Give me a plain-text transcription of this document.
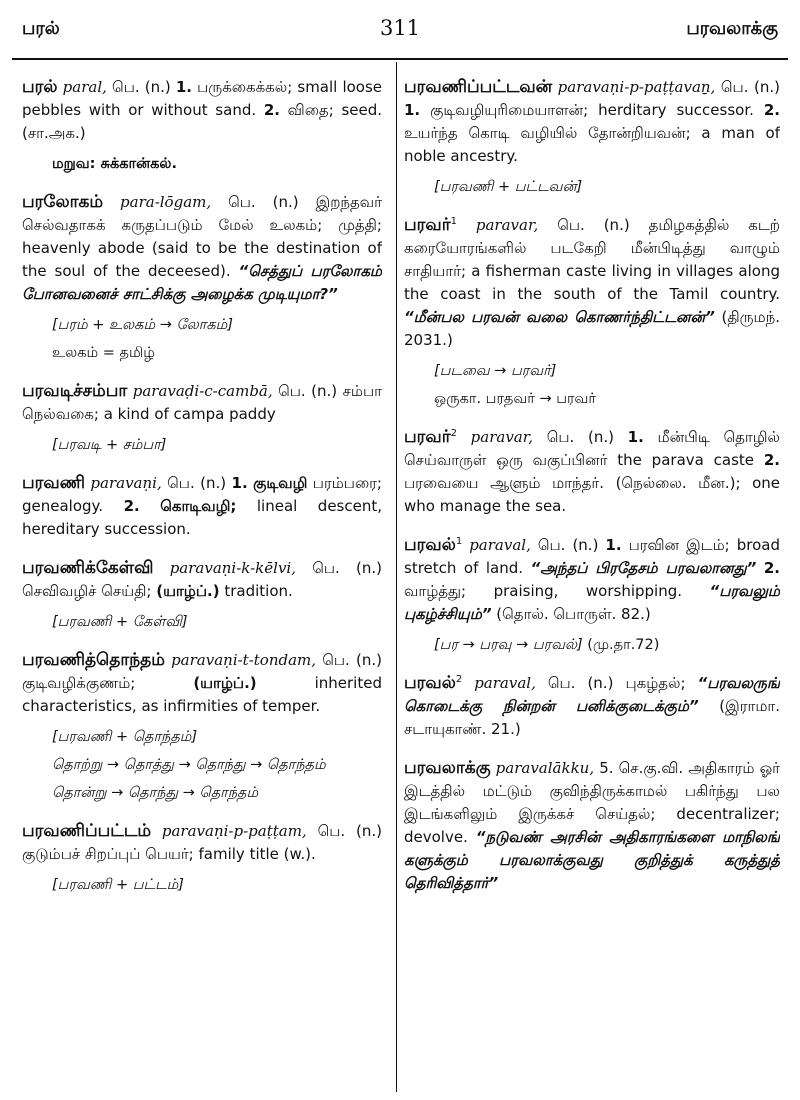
பரல்	311	பரவலாக்கு
பரல் paral, பெ. (n.) 1. பருக்கைக்கல்; small loose pebbles with or without sand. 2. விதை; seed. (சா.அக.)
மறுவ: சுக்கான்கல்.
பரலோகம் para-lōgam, பெ. (n.) இறந்தவர் செல்வதாகக் கருதப்படும் மேல் உலகம்; முத்தி; heavenly abode (said to be the destination of the soul of the deceesed). “செத்துப் பரலோகம் போனவனைச் சாட்சிக்கு அழைக்க முடியுமா?”
[பரம் + உலகம் → லோகம்]
உலகம் = தமிழ்
பரவடிச்சம்பா paravaḍi-c-cambā, பெ. (n.) சம்பா நெல்வகை; a kind of campa paddy
[பரவடி + சம்பா]
பரவணி paravaṇi, பெ. (n.) 1. குடிவழி பரம்பரை; genealogy. 2. கொடிவழி; lineal descent, hereditary succession.
பரவணிக்கேள்வி paravaṇi-k-kēlvi, பெ. (n.) செவிவழிச் செய்தி; (யாழ்ப்.) tradition.
[பரவணி + கேள்வி]
பரவணித்தொந்தம் paravaṇi-t-tondam, பெ. (n.) குடிவழிக்குணம்;	(யாழ்ப்.)	inherited characteristics, as infirmities of temper.
[பரவணி + தொந்தம்]
தொற்று → தொத்து → தொந்து → தொந்தம்
தொன்று → தொந்து → தொந்தம்
பரவணிப்பட்டம் paravaṇi-p-paṭṭam, பெ. (n.) குடும்பச் சிறப்புப் பெயர்; family title (w.).
[பரவணி + பட்டம்]
பரவணிப்பட்டவன் paravaṇi-p-paṭṭavaṉ, பெ. (n.) 1. குடிவழியுரிமையாளன்; herditary successor. 2. உயர்ந்த கொடி வழியில் தோன்றியவன்; a man of noble ancestry.
[பரவணி + பட்டவன்]
பரவர்$^1$ paravar, பெ. (n.) தமிழகத்தில் கடற் கரையோரங்களில் படகேறி மீன்பிடித்து வாழும் சாதியார்; a fisherman caste living in villages along the coast in the south of the Tamil country. “மீன்பல பரவன் வலை கொணர்ந்திட்டனன்” (திருமந். 2031.)
[படவை → பரவர்]
ஒருகா. பரதவர் → பரவர்
பரவர்$^2$ paravar, பெ. (n.) 1. மீன்பிடி தொழில் செய்வாருள் ஒரு வகுப்பினர் the parava caste 2. பரவையை ஆளும் மாந்தர். (நெல்லை. மீன.); one who manage the sea.
பரவல்$^1$ paraval, பெ. (n.) 1. பரவின இடம்; broad stretch of land. “அந்தப் பிரதேசம் பரவலானது” 2. வாழ்த்து; praising, worshipping. “பரவலும் புகழ்ச்சியும்” (தொல். பொருள். 82.)
[பர → பரவு → பரவல்] (மு.தா.72)
பரவல்$^2$ paraval, பெ. (n.) புகழ்தல்; “பரவலருங் கொடைக்கு நின்றன் பனிக்குடைக்கும்” (இராமா. சடாயுகாண். 21.)
பரவலாக்கு paravalākku, 5. செ.கு.வி. அதிகாரம் ஓர் இடத்தில் மட்டும் குவிந்திருக்காமல் பகிர்ந்து பல இடங்களிலும் இருக்கச் செய்தல்; decentralizer; devolve. “நடுவண் அரசின் அதிகாரங்களை மாநிலங் களுக்கும் பரவலாக்குவது குறித்துக் கருத்துத் தெரிவித்தார்”
